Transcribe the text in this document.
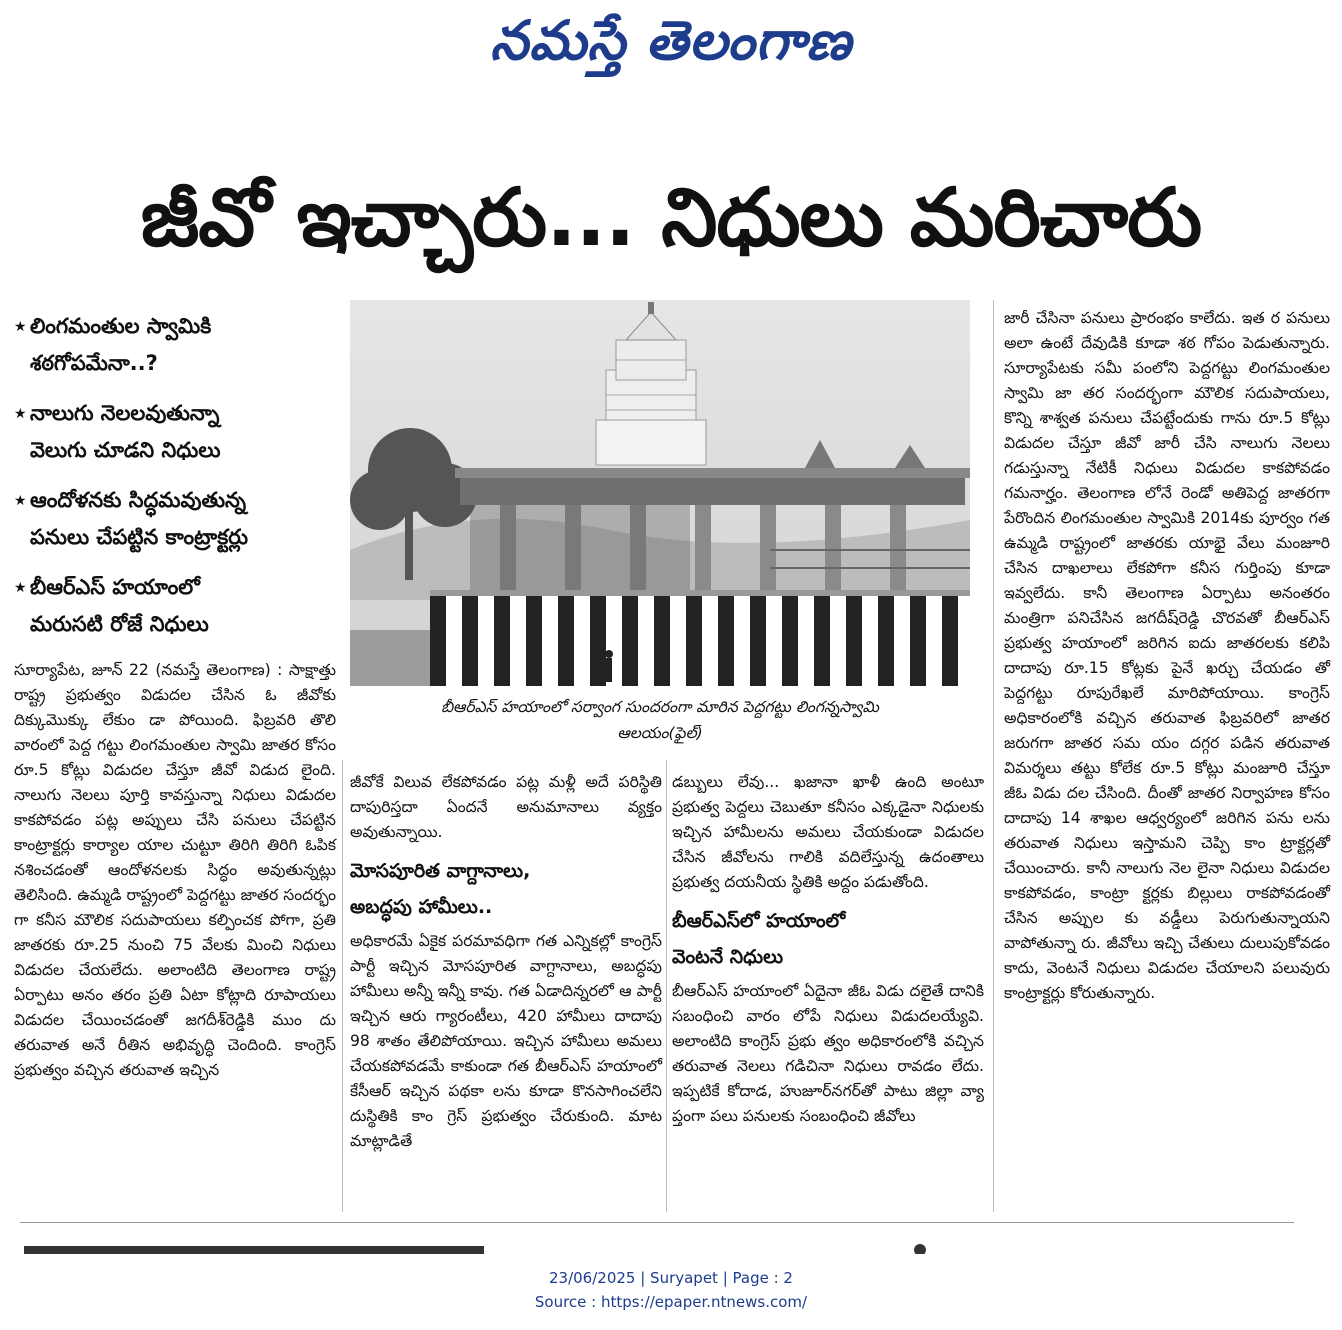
నమస్తే తెలంగాణ
జీవో ఇచ్చారు... నిధులు మరిచారు
★ లింగమంతుల స్వామికి
శఠగోపమేనా..?
★ నాలుగు నెలలవుతున్నా
వెలుగు చూడని నిధులు
★ ఆందోళనకు సిద్ధమవుతున్న
పనులు చేపట్టిన కాంట్రాక్టర్లు
★ బీఆర్ఎస్ హయాంలో
మరుసటి రోజే నిధులు

సూర్యాపేట, జూన్ 22 (నమస్తే తెలంగాణ) : సాక్షాత్తు రాష్ట్ర ప్రభుత్వం విడుదల చేసిన ఓ జీవోకు దిక్కుమొక్కు లేకుం డా పోయింది. ఫిబ్రవరి తొలి వారంలో పెద్ద గట్టు లింగమంతుల స్వామి జాతర కోసం రూ.5 కోట్లు విడుదల చేస్తూ జీవో విడుద లైంది. నాలుగు నెలలు పూర్తి కావస్తున్నా నిధులు విడుదల కాకపోవడం పట్ల అప్పులు చేసి పనులు చేపట్టిన కాంట్రాక్టర్లు కార్యాల యాల చుట్టూ తిరిగి తిరిగి ఓపిక నశించడంతో ఆందోళనలకు సిద్ధం అవుతున్నట్లు తెలిసింది. ఉమ్మడి రాష్ట్రంలో పెద్దగట్టు జాతర సందర్భం గా కనీస మౌలిక సదుపాయలు కల్పించక పోగా, ప్రతి జాతరకు రూ.25 నుంచి 75 వేలకు మించి నిధులు విడుదల చేయలేదు. అలాంటిది తెలంగాణ రాష్ట్ర ఏర్పాటు అనం తరం ప్రతి ఏటా కోట్లాది రూపాయలు విడుదల చేయించడంతో జగదీశ్‌రెడ్డికి ముం దు తరువాత అనే రీతిన అభివృద్ధి చెందింది. కాంగ్రెస్ ప్రభుత్వం వచ్చిన తరువాత ఇచ్చిన

బీఆర్ఎస్ హయాంలో సర్వాంగ సుందరంగా మారిన పెద్దగట్టు లింగన్నస్వామి
ఆలయం(ఫైల్)

జీవోకే విలువ లేకపోవడం పట్ల మళ్లీ అదే పరిస్థితి దాపురిస్తదా ఏందనే అనుమానాలు వ్యక్తం అవుతున్నాయి.

మోసపూరిత వాగ్దానాలు,
అబద్ధపు హామీలు..

అధికారమే ఏకైక పరమావధిగా గత ఎన్నికల్లో కాంగ్రెస్ పార్టీ ఇచ్చిన మోసపూరిత వాగ్దానాలు, అబద్ధపు హామీలు అన్నీ ఇన్నీ కావు. గత ఏడాదిన్నరలో ఆ పార్టీ ఇచ్చిన ఆరు గ్యారంటీలు, 420 హామీలు దాదాపు 98 శాతం తేలిపోయాయి. ఇచ్చిన హామీలు అమలు చేయకపోవడమే కాకుండా గత బీఆర్ఎస్ హయాంలో కేసీఆర్ ఇచ్చిన పథకా లను కూడా కొనసాగించలేని దుస్థితికి కాం గ్రెస్ ప్రభుత్వం చేరుకుంది. మాట మాట్లాడితే

డబ్బులు లేవు... ఖజానా ఖాళీ ఉంది అంటూ ప్రభుత్వ పెద్దలు చెబుతూ కనీసం ఎక్కడైనా నిధులకు ఇచ్చిన హామీలను అమలు చేయకుండా విడుదల చేసిన జీవోలను గాలికి వదిలేస్తున్న ఉదంతాలు ప్రభుత్వ దయనీయ స్థితికి అద్దం పడుతోంది.

బీఆర్ఎస్‌లో హయాంలో
వెంటనే నిధులు

బీఆర్ఎస్ హయాంలో ఏదైనా జీఓ విడు దలైతే దానికి సబంధించి వారం లోపే నిధులు విడుదలయ్యేవి. అలాంటిది కాంగ్రెస్ ప్రభు త్వం అధికారంలోకి వచ్చిన తరువాత నెలలు గడిచినా నిధులు రావడం లేదు. ఇప్పటికే కోదాడ, హుజూర్‌నగర్‌తో పాటు జిల్లా వ్యా ప్తంగా పలు పనులకు సంబంధించి జీవోలు

జారీ చేసినా పనులు ప్రారంభం కాలేదు. ఇత ర పనులు అలా ఉంటే దేవుడికి కూడా శఠ గోపం పెడుతున్నారు. సూర్యాపేటకు సమీ పంలోని పెద్దగట్టు లింగమంతుల స్వామి జా తర సందర్భంగా మౌలిక సదుపాయలు, కొన్ని శాశ్వత పనులు చేపట్టేందుకు గాను రూ.5 కోట్లు విడుదల చేస్తూ జీవో జారీ చేసి నాలుగు నెలలు గడుస్తున్నా నేటికీ నిధులు విడుదల కాకపోవడం గమనార్హం. తెలంగాణ లోనే రెండో అతిపెద్ద జాతరగా పేరొందిన లింగమంతుల స్వామికి 2014కు పూర్వం గత ఉమ్మడి రాష్ట్రంలో జాతరకు యాభై వేలు మంజూరి చేసిన దాఖలాలు లేకపోగా కనీస గుర్తింపు కూడా ఇవ్వలేదు. కానీ తెలంగాణ ఏర్పాటు అనంతరం మంత్రిగా పనిచేసిన జగదీష్‌రెడ్డి చొరవతో బీఆర్ఎస్ ప్రభుత్వ హయాంలో జరిగిన ఐదు జాతరలకు కలిపి దాదాపు రూ.15 కోట్లకు పైనే ఖర్చు చేయడం తో పెద్దగట్టు రూపురేఖలే మారిపోయాయి. కాంగ్రెస్ అధికారంలోకి వచ్చిన తరువాత ఫిబ్రవరిలో జాతర జరుగగా జాతర సమ యం దగ్గర పడిన తరువాత విమర్శలు తట్టు కోలేక రూ.5 కోట్లు మంజూరి చేస్తూ జీఓ విడు దల చేసింది. దీంతో జాతర నిర్వాహణ కోసం దాదాపు 14 శాఖల ఆధ్వర్యంలో జరిగిన పను లను తరువాత నిధులు ఇస్తామని చెప్పి కాం ట్రాక్టర్లతో చేయించారు. కానీ నాలుగు నెల లైనా నిధులు విడుదల కాకపోవడం, కాంట్రా క్టర్లకు బిల్లులు రాకపోవడంతో చేసిన అప్పుల కు వడ్డీలు పెరుగుతున్నాయని వాపోతున్నా రు. జీవోలు ఇచ్చి చేతులు దులుపుకోవడం కాదు, వెంటనే నిధులు విడుదల చేయాలని పలువురు కాంట్రాక్టర్లు కోరుతున్నారు.

23/06/2025 | Suryapet | Page : 2
Source : https://epaper.ntnews.com/
